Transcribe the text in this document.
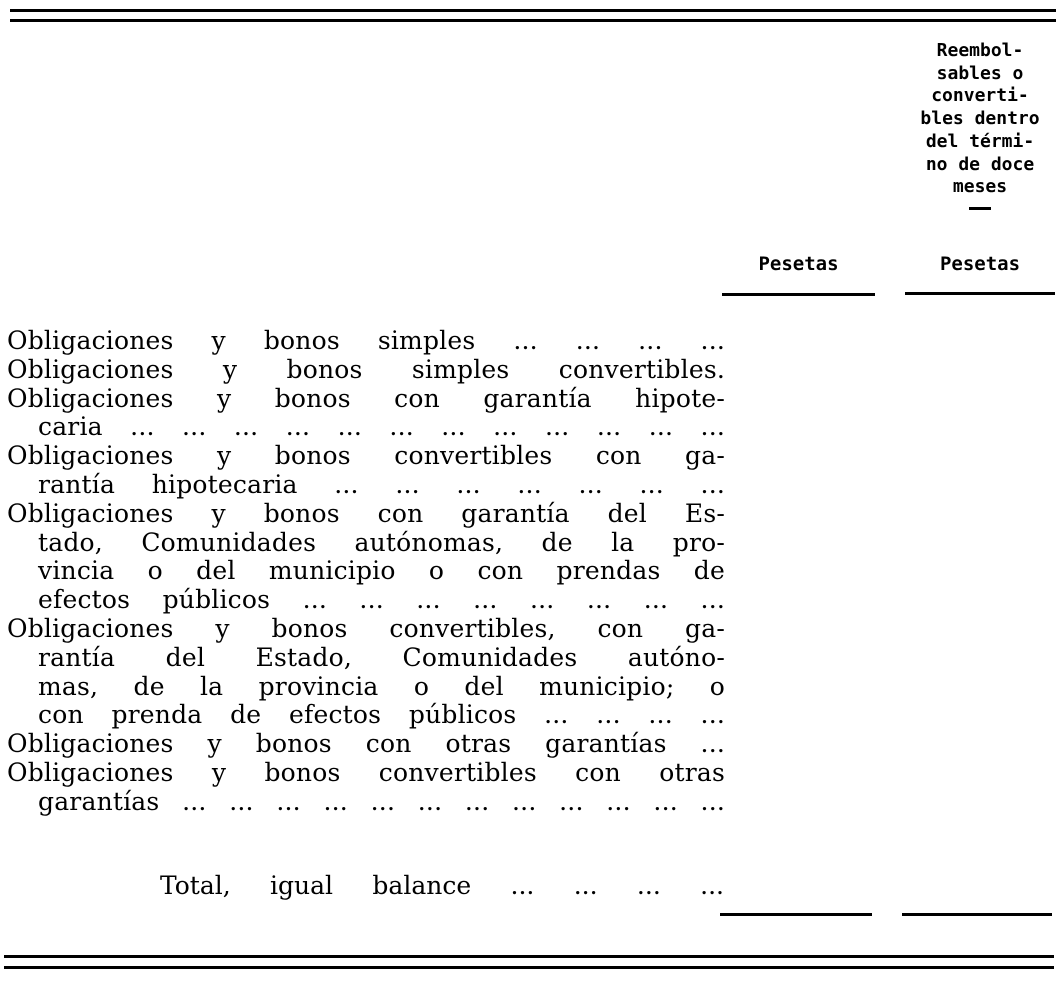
Reembol-
sables o
converti-
bles dentro
del térmi-
no de doce
meses
Pesetas	Pesetas
Obligaciones y bonos simples ... ... ... ...
Obligaciones y bonos simples convertibles.
Obligaciones y bonos con garantía hipote-
caria ... ... ... ... ... ... ... ... ... ... ... ...
Obligaciones y bonos convertibles con ga-
rantía hipotecaria ... ... ... ... ... ... ...
Obligaciones y bonos con garantía del Es-
tado, Comunidades autónomas, de la pro-
vincia o del municipio o con prendas de
efectos públicos ... ... ... ... ... ... ... ...
Obligaciones y bonos convertibles, con ga-
rantía del Estado, Comunidades autóno-
mas, de la provincia o del municipio; o
con prenda de efectos públicos ... ... ... ...
Obligaciones y bonos con otras garantías ...
Obligaciones y bonos convertibles con otras
garantías ... ... ... ... ... ... ... ... ... ... ... ...
Total, igual balance ... ... ... ...
